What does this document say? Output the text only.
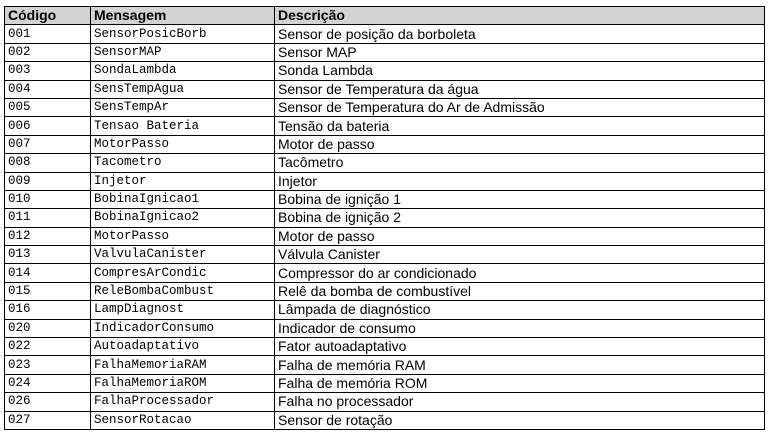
Código	Mensagem	Descrição
001	SensorPosicBorb	Sensor de posição da borboleta
002	SensorMAP	Sensor MAP
003	SondaLambda	Sonda Lambda
004	SensTempAgua	Sensor de Temperatura da água
005	SensTempAr	Sensor de Temperatura do Ar de Admissão
006	Tensao Bateria	Tensão da bateria
007	MotorPasso	Motor de passo
008	Tacometro	Tacômetro
009	Injetor	Injetor
010	BobinaIgnicao1	Bobina de ignição 1
011	BobinaIgnicao2	Bobina de ignição 2
012	MotorPasso	Motor de passo
013	ValvulaCanister	Válvula Canister
014	CompresArCondic	Compressor do ar condicionado
015	ReleBombaCombust	Relê da bomba de combustível
016	LampDiagnost	Lâmpada de diagnóstico
020	IndicadorConsumo	Indicador de consumo
022	Autoadaptativo	Fator autoadaptativo
023	FalhaMemoriaRAM	Falha de memória RAM
024	FalhaMemoriaROM	Falha de memória ROM
026	FalhaProcessador	Falha no processador
027	SensorRotacao	Sensor de rotação
